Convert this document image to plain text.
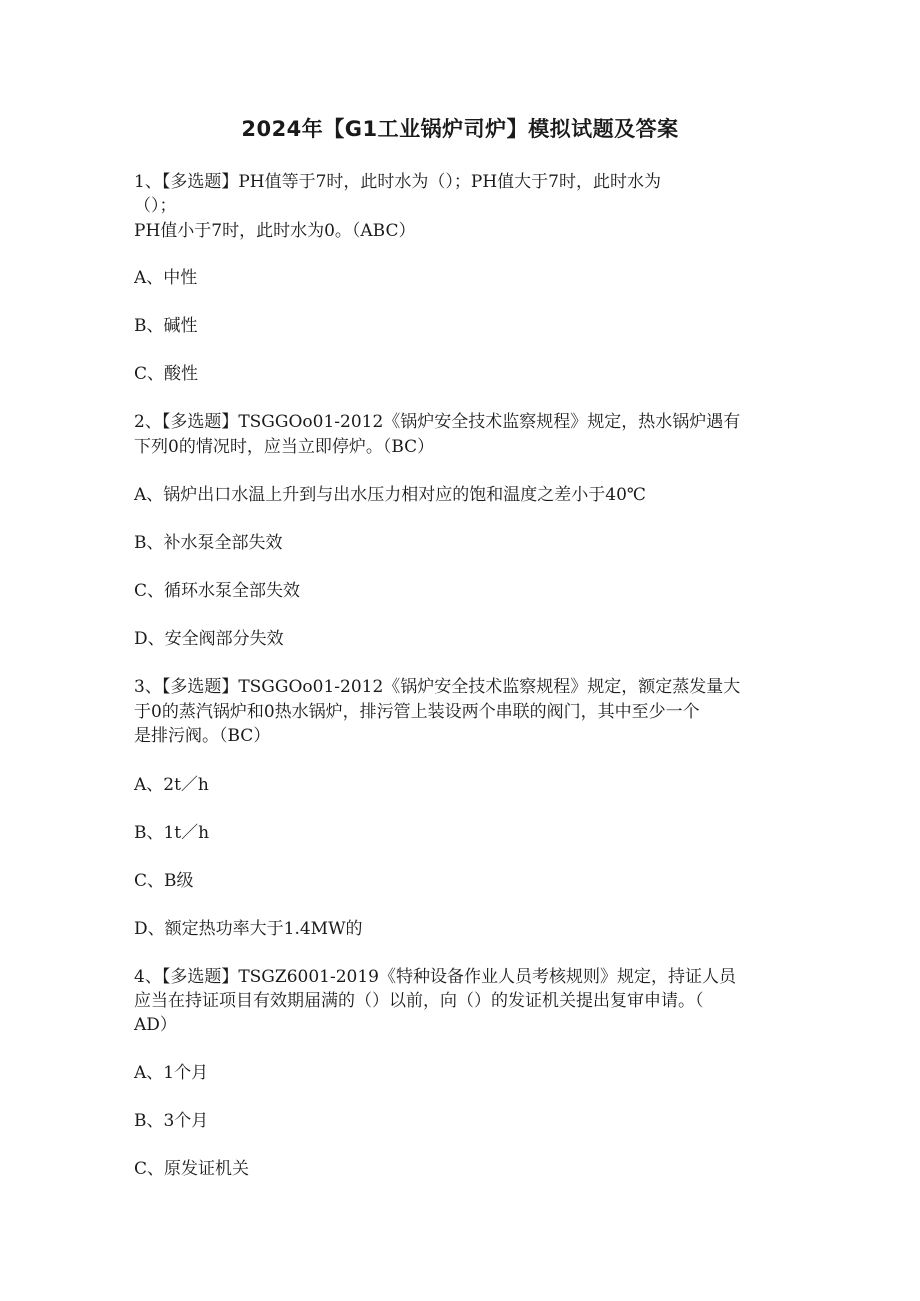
2024年【G1工业锅炉司炉】模拟试题及答案
1、【多选题】PH值等于7时，此时水为（）；PH值大于7时，此时水为
（）；
PH值小于7时，此时水为0。（ABC）
A、中性
B、碱性
C、酸性
2、【多选题】TSGGOo01-2012《锅炉安全技术监察规程》规定，热水锅炉遇有
下列0的情况时，应当立即停炉。（BC）
A、锅炉出口水温上升到与出水压力相对应的饱和温度之差小于40℃
B、补水泵全部失效
C、循环水泵全部失效
D、安全阀部分失效
3、【多选题】TSGGOo01-2012《锅炉安全技术监察规程》规定，额定蒸发量大
于0的蒸汽锅炉和0热水锅炉，排污管上装设两个串联的阀门，其中至少一个
是排污阀。（BC）
A、2t／h
B、1t／h
C、B级
D、额定热功率大于1.4MW的
4、【多选题】TSGZ6001-2019《特种设备作业人员考核规则》规定，持证人员
应当在持证项目有效期届满的（）以前，向（）的发证机关提出复审申请。（
AD）
A、1个月
B、3个月
C、原发证机关
